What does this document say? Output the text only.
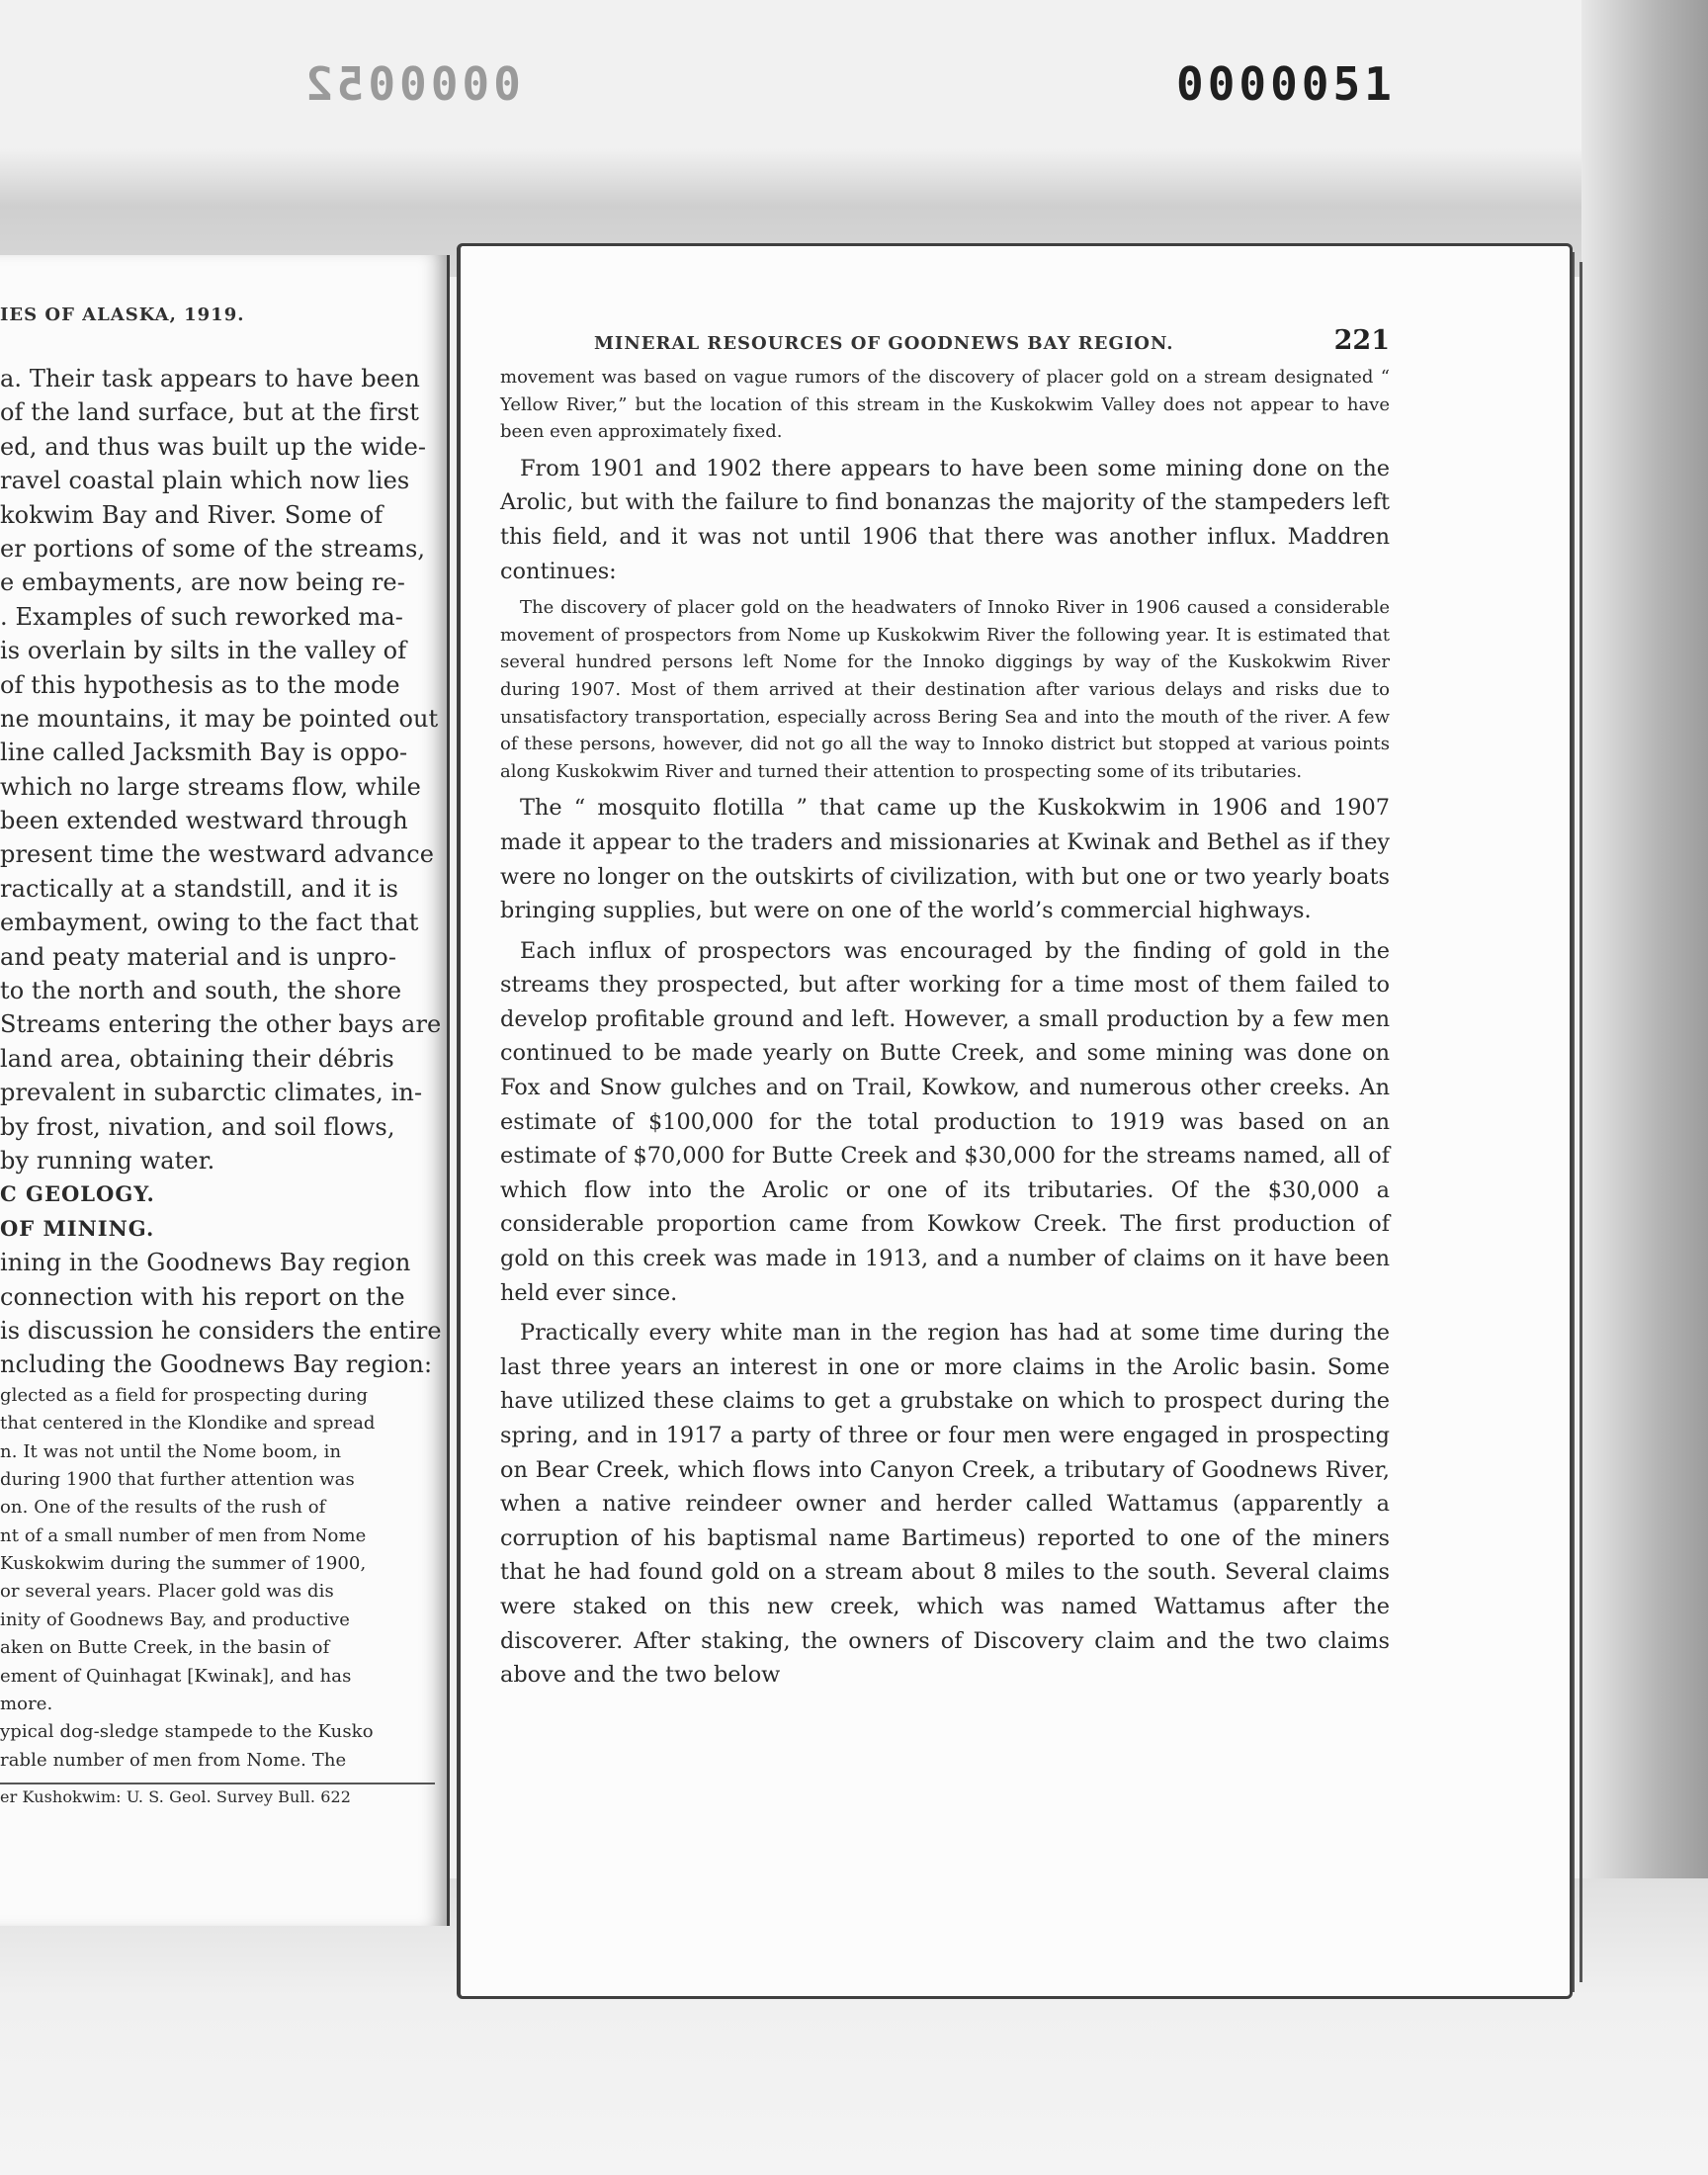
0000052	0000051
IES OF ALASKA, 1919.
a. Their task appears to have been
of the land surface, but at the first
ed, and thus was built up the wide-
ravel coastal plain which now lies
kokwim Bay and River. Some of
er portions of some of the streams,
e embayments, are now being re-
. Examples of such reworked ma-
is overlain by silts in the valley of
of this hypothesis as to the mode
ne mountains, it may be pointed out
line called Jacksmith Bay is oppo-
which no large streams flow, while
been extended westward through
present time the westward advance
ractically at a standstill, and it is
embayment, owing to the fact that
and peaty material and is unpro-
to the north and south, the shore
Streams entering the other bays are
land area, obtaining their débris
prevalent in subarctic climates, in-
by frost, nivation, and soil flows,
by running water.
C GEOLOGY.
OF MINING.
ining in the Goodnews Bay region
connection with his report on the
is discussion he considers the entire
ncluding the Goodnews Bay region:
glected as a field for prospecting during
that centered in the Klondike and spread
n. It was not until the Nome boom, in
during 1900 that further attention was
on. One of the results of the rush of
nt of a small number of men from Nome
Kuskokwim during the summer of 1900,
or several years. Placer gold was dis
inity of Goodnews Bay, and productive
aken on Butte Creek, in the basin of
ement of Quinhagat [Kwinak], and has
more.
ypical dog-sledge stampede to the Kusko
rable number of men from Nome. The
er Kushokwim: U. S. Geol. Survey Bull. 622
MINERAL RESOURCES OF GOODNEWS BAY REGION.	221

movement was based on vague rumors of the discovery of placer gold on a stream designated “ Yellow River,” but the location of this stream in the Kuskokwim Valley does not appear to have been even approximately fixed.

From 1901 and 1902 there appears to have been some mining done on the Arolic, but with the failure to find bonanzas the majority of the stampeders left this field, and it was not until 1906 that there was another influx. Maddren continues:

The discovery of placer gold on the headwaters of Innoko River in 1906 caused a considerable movement of prospectors from Nome up Kuskokwim River the following year. It is estimated that several hundred persons left Nome for the Innoko diggings by way of the Kuskokwim River during 1907. Most of them arrived at their destination after various delays and risks due to unsatisfactory transportation, especially across Bering Sea and into the mouth of the river. A few of these persons, however, did not go all the way to Innoko district but stopped at various points along Kuskokwim River and turned their attention to prospecting some of its tributaries.

The “ mosquito flotilla ” that came up the Kuskokwim in 1906 and 1907 made it appear to the traders and missionaries at Kwinak and Bethel as if they were no longer on the outskirts of civilization, with but one or two yearly boats bringing supplies, but were on one of the world’s commercial highways.

Each influx of prospectors was encouraged by the finding of gold in the streams they prospected, but after working for a time most of them failed to develop profitable ground and left. However, a small production by a few men continued to be made yearly on Butte Creek, and some mining was done on Fox and Snow gulches and on Trail, Kowkow, and numerous other creeks. An estimate of $100,000 for the total production to 1919 was based on an estimate of $70,000 for Butte Creek and $30,000 for the streams named, all of which flow into the Arolic or one of its tributaries. Of the $30,000 a considerable proportion came from Kowkow Creek. The first production of gold on this creek was made in 1913, and a number of claims on it have been held ever since.

Practically every white man in the region has had at some time during the last three years an interest in one or more claims in the Arolic basin. Some have utilized these claims to get a grubstake on which to prospect during the spring, and in 1917 a party of three or four men were engaged in prospecting on Bear Creek, which flows into Canyon Creek, a tributary of Goodnews River, when a native reindeer owner and herder called Wattamus (apparently a corruption of his baptismal name Bartimeus) reported to one of the miners that he had found gold on a stream about 8 miles to the south. Several claims were staked on this new creek, which was named Wattamus after the discoverer. After staking, the owners of Discovery claim and the two claims above and the two below
